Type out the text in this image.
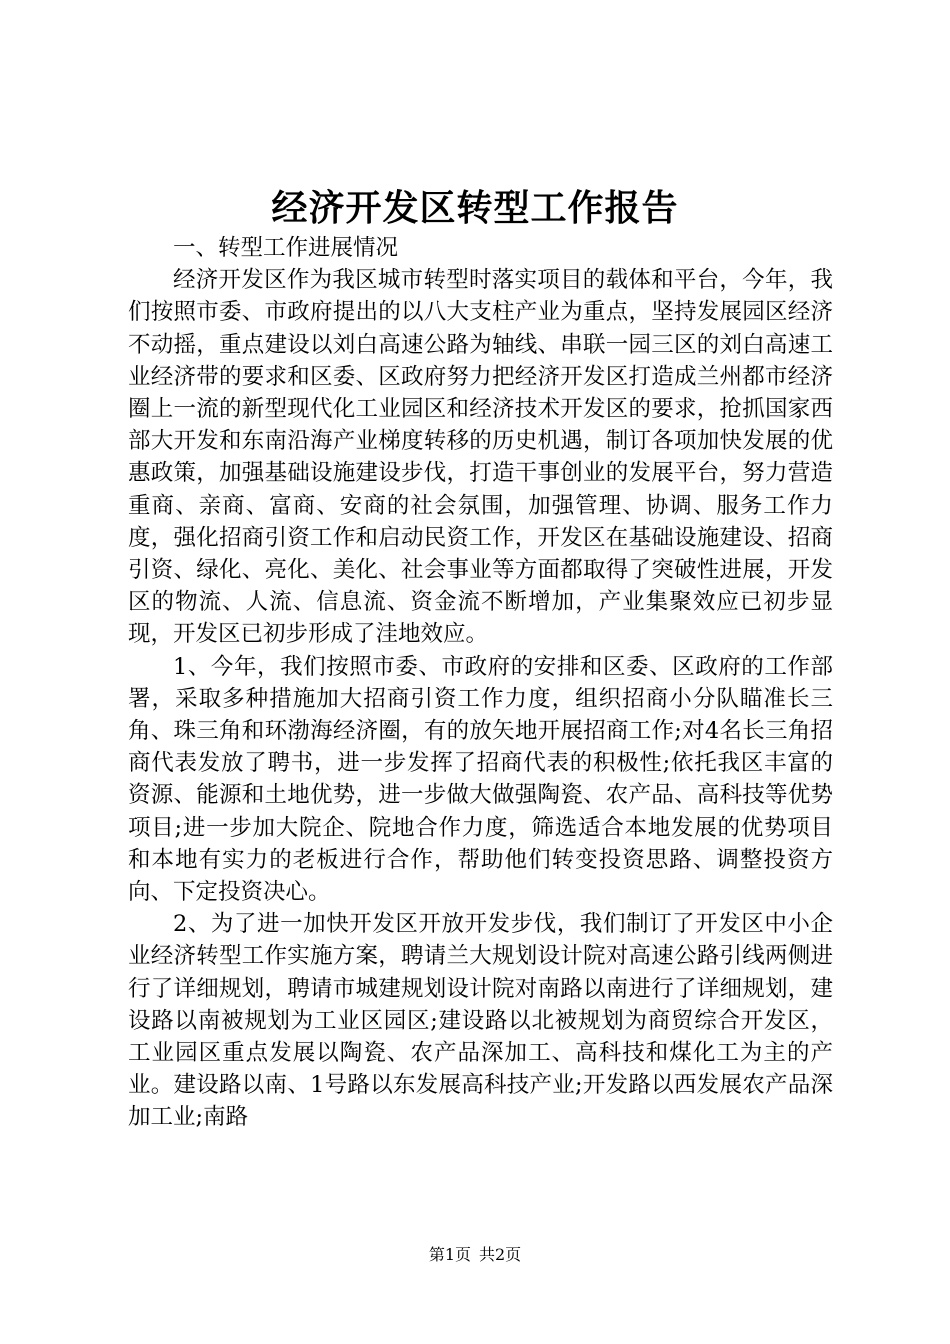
经济开发区转型工作报告

一、转型工作进展情况

经济开发区作为我区城市转型时落实项目的载体和平台，今年，我们按照市委、市政府提出的以八大支柱产业为重点，坚持发展园区经济不动摇，重点建设以刘白高速公路为轴线、串联一园三区的刘白高速工业经济带的要求和区委、区政府努力把经济开发区打造成兰州都市经济圈上一流的新型现代化工业园区和经济技术开发区的要求，抢抓国家西部大开发和东南沿海产业梯度转移的历史机遇，制订各项加快发展的优惠政策，加强基础设施建设步伐，打造干事创业的发展平台，努力营造重商、亲商、富商、安商的社会氛围，加强管理、协调、服务工作力度，强化招商引资工作和启动民资工作，开发区在基础设施建设、招商引资、绿化、亮化、美化、社会事业等方面都取得了突破性进展，开发区的物流、人流、信息流、资金流不断增加，产业集聚效应已初步显现，开发区已初步形成了洼地效应。

1、今年，我们按照市委、市政府的安排和区委、区政府的工作部署，采取多种措施加大招商引资工作力度，组织招商小分队瞄准长三角、珠三角和环渤海经济圈，有的放矢地开展招商工作;对4名长三角招商代表发放了聘书，进一步发挥了招商代表的积极性;依托我区丰富的资源、能源和土地优势，进一步做大做强陶瓷、农产品、高科技等优势项目;进一步加大院企、院地合作力度，筛选适合本地发展的优势项目和本地有实力的老板进行合作，帮助他们转变投资思路、调整投资方向、下定投资决心。

2、为了进一加快开发区开放开发步伐，我们制订了开发区中小企业经济转型工作实施方案，聘请兰大规划设计院对高速公路引线两侧进行了详细规划，聘请市城建规划设计院对南路以南进行了详细规划，建设路以南被规划为工业区园区;建设路以北被规划为商贸综合开发区，工业园区重点发展以陶瓷、农产品深加工、高科技和煤化工为主的产业。建设路以南、1号路以东发展高科技产业;开发路以西发展农产品深加工业;南路

第1页 共2页
